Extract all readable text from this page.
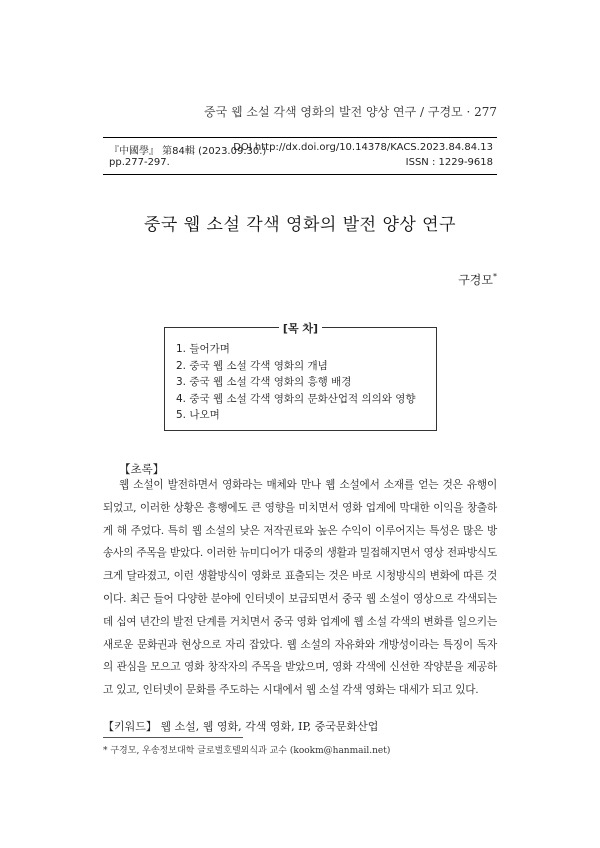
중국 웹 소설 각색 영화의 발전 양상 연구 / 구경모 · 277
『中國學』 第84輯 (2023.09.30.)
DOI http://dx.doi.org/10.14378/KACS.2023.84.84.13
pp.277-297.	ISSN : 1229-9618
중국 웹 소설 각색 영화의 발전 양상 연구
구경모*
[목 차]
1. 들어가며
2. 중국 웹 소설 각색 영화의 개념
3. 중국 웹 소설 각색 영화의 흥행 배경
4. 중국 웹 소설 각색 영화의 문화산업적 의의와 영향
5. 나오며
【초록】

웹 소설이 발전하면서 영화라는 매체와 만나 웹 소설에서 소재를 얻는 것은 유행이 되었고, 이러한 상황은 흥행에도 큰 영향을 미치면서 영화 업계에 막대한 이익을 창출하게 해 주었다. 특히 웹 소설의 낮은 저작권료와 높은 수익이 이루어지는 특성은 많은 방송사의 주목을 받았다. 이러한 뉴미디어가 대중의 생활과 밀접해지면서 영상 전파방식도 크게 달라졌고, 이런 생활방식이 영화로 표출되는 것은 바로 시청방식의 변화에 따른 것이다. 최근 들어 다양한 분야에 인터넷이 보급되면서 중국 웹 소설이 영상으로 각색되는데 십여 년간의 발전 단계를 거치면서 중국 영화 업계에 웹 소설 각색의 변화를 일으키는 새로운 문화권과 현상으로 자리 잡았다. 웹 소설의 자유화와 개방성이라는 특징이 독자의 관심을 모으고 영화 창작자의 주목을 받았으며, 영화 각색에 신선한 작양분을 제공하고 있고, 인터넷이 문화를 주도하는 시대에서 웹 소설 각색 영화는 대세가 되고 있다.

【키워드】 웹 소설, 웹 영화, 각색 영화, IP, 중국문화산업
* 구경모, 우송정보대학 글로벌호텔외식과 교수 (kookm@hanmail.net)
